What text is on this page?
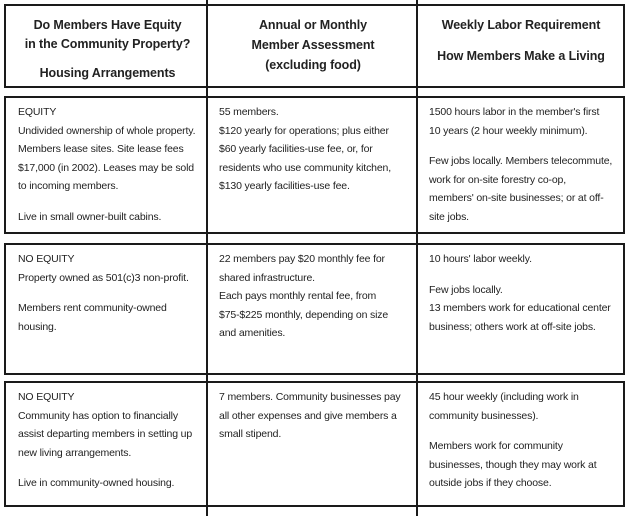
Do Members Have Equity
in the Community Property?
Housing Arrangements
Annual or Monthly
Member Assessment
(excluding food)
Weekly Labor Requirement
How Members Make a Living

EQUITY

Undivided ownership of whole property. Members lease sites. Site lease fees $17,000 (in 2002). Leases may be sold to incoming members.

Live in small owner-built cabins.

55 members.

$120 yearly for operations; plus either $60 yearly facilities-use fee, or, for residents who use community kitchen, $130 yearly facilities-use fee.

1500 hours labor in the member's first 10 years (2 hour weekly minimum).

Few jobs locally. Members telecommute, work for on-site forestry co-op, members' on-site businesses; or at off-site jobs.

NO EQUITY

Property owned as 501(c)3 non-profit.

Members rent community-owned housing.

22 members pay $20 monthly fee for shared infrastructure.

Each pays monthly rental fee, from $75-$225 monthly, depending on size and amenities.

10 hours' labor weekly.

Few jobs locally.

13 members work for educational center business; others work at off-site jobs.

NO EQUITY

Community has option to financially assist departing members in setting up new living arrangements.

Live in community-owned housing.

7 members. Community businesses pay all other expenses and give members a small stipend.

45 hour weekly (including work in community businesses).

Members work for community businesses, though they may work at outside jobs if they choose.
